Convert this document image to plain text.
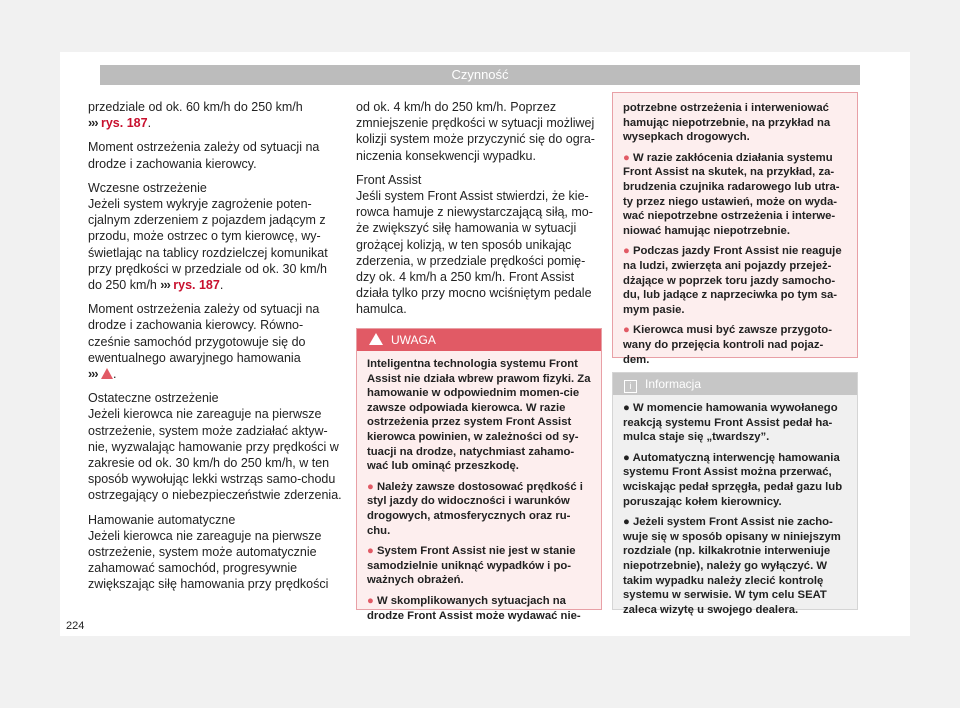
Czynność

przedziale od ok. 60 km/h do 250 km/h
››› rys. 187.

Moment ostrzeżenia zależy od sytuacji na drodze i zachowania kierowcy.

Wczesne ostrzeżenie

Jeżeli system wykryje zagrożenie poten-cjalnym zderzeniem z pojazdem jadącym z przodu, może ostrzec o tym kierowcę, wy-świetlając na tablicy rozdzielczej komunikat przy prędkości w przedziale od ok. 30 km/h do 250 km/h ››› rys. 187.

Moment ostrzeżenia zależy od sytuacji na drodze i zachowania kierowcy. Równo-cześnie samochód przygotowuje się do ewentualnego awaryjnego hamowania
››› .

Ostateczne ostrzeżenie

Jeżeli kierowca nie zareaguje na pierwsze ostrzeżenie, system może zadziałać aktyw-nie, wyzwalając hamowanie przy prędkości w zakresie od ok. 30 km/h do 250 km/h, w ten sposób wywołując lekki wstrząs samo-chodu ostrzegający o niebezpieczeństwie zderzenia.

Hamowanie automatyczne

Jeżeli kierowca nie zareaguje na pierwsze ostrzeżenie, system może automatycznie zahamować samochód, progresywnie zwiększając siłę hamowania przy prędkości

od ok. 4 km/h do 250 km/h. Poprzez zmniejszenie prędkości w sytuacji możliwej kolizji system może przyczynić się do ogra-niczenia konsekwencji wypadku.

Front Assist

Jeśli system Front Assist stwierdzi, że kie-rowca hamuje z niewystarczającą siłą, mo-że zwiększyć siłę hamowania w sytuacji grożącej kolizją, w ten sposób unikając zderzenia, w przedziale prędkości pomię-dzy ok. 4 km/h a 250 km/h. Front Assist działa tylko przy mocno wciśniętym pedale hamulca.

UWAGA

Inteligentna technologia systemu Front Assist nie działa wbrew prawom fizyki. Za hamowanie w odpowiednim momen-cie zawsze odpowiada kierowca. W razie ostrzeżenia przez system Front Assist kierowca powinien, w zależności od sy-tuacji na drodze, natychmiast zahamo-wać lub ominąć przeszkodę.

● Należy zawsze dostosować prędkość i styl jazdy do widoczności i warunków drogowych, atmosferycznych oraz ru-chu.

● System Front Assist nie jest w stanie samodzielnie uniknąć wypadków i po-ważnych obrażeń.

● W skomplikowanych sytuacjach na drodze Front Assist może wydawać nie-

potrzebne ostrzeżenia i interweniować hamując niepotrzebnie, na przykład na wysepkach drogowych.

● W razie zakłócenia działania systemu Front Assist na skutek, na przykład, za-brudzenia czujnika radarowego lub utra-ty przez niego ustawień, może on wyda-wać niepotrzebne ostrzeżenia i interwe-niować hamując niepotrzebnie.

● Podczas jazdy Front Assist nie reaguje na ludzi, zwierzęta ani pojazdy przejeż-dżające w poprzek toru jazdy samocho-du, lub jadące z naprzeciwka po tym sa-mym pasie.

● Kierowca musi być zawsze przygoto-wany do przejęcia kontroli nad pojaz-dem.

i Informacja

● W momencie hamowania wywołanego reakcją systemu Front Assist pedał ha-mulca staje się „twardszy”.

● Automatyczną interwencję hamowania systemu Front Assist można przerwać, wciskając pedał sprzęgła, pedał gazu lub poruszając kołem kierownicy.

● Jeżeli system Front Assist nie zacho-wuje się w sposób opisany w niniejszym rozdziale (np. kilkakrotnie interweniuje niepotrzebnie), należy go wyłączyć. W takim wypadku należy zlecić kontrolę systemu w serwisie. W tym celu SEAT zaleca wizytę u swojego dealera.

224
